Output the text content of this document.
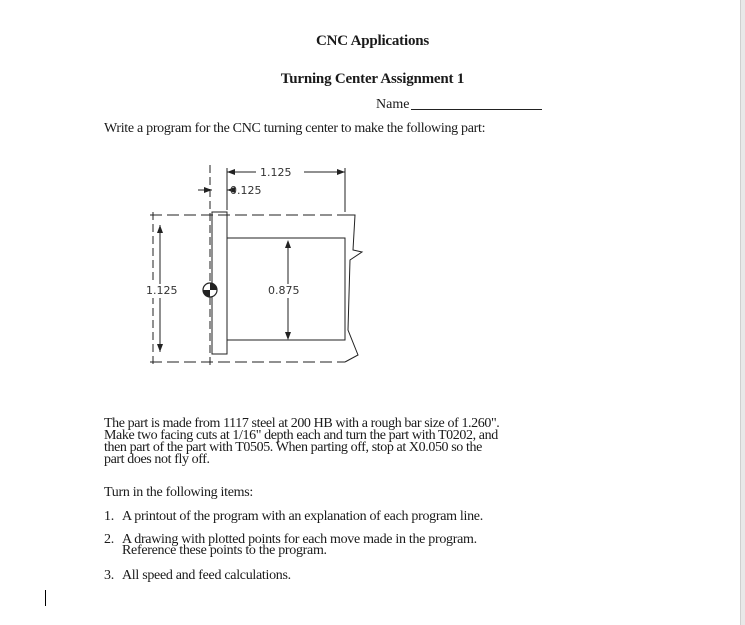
CNC Applications
Turning Center Assignment 1
Name
Write a program for the CNC turning center to make the following part:
1.125
0.125
1.125	0.875
The part is made from 1117 steel at 200 HB with a rough bar size of 1.260".
Make two facing cuts at 1/16" depth each and turn the part with T0202, and
then part of the part with T0505. When parting off, stop at X0.050 so the
part does not fly off.
Turn in the following items:
1. A printout of the program with an explanation of each program line.
2. A drawing with plotted points for each move made in the program.
Reference these points to the program.
3. All speed and feed calculations.
